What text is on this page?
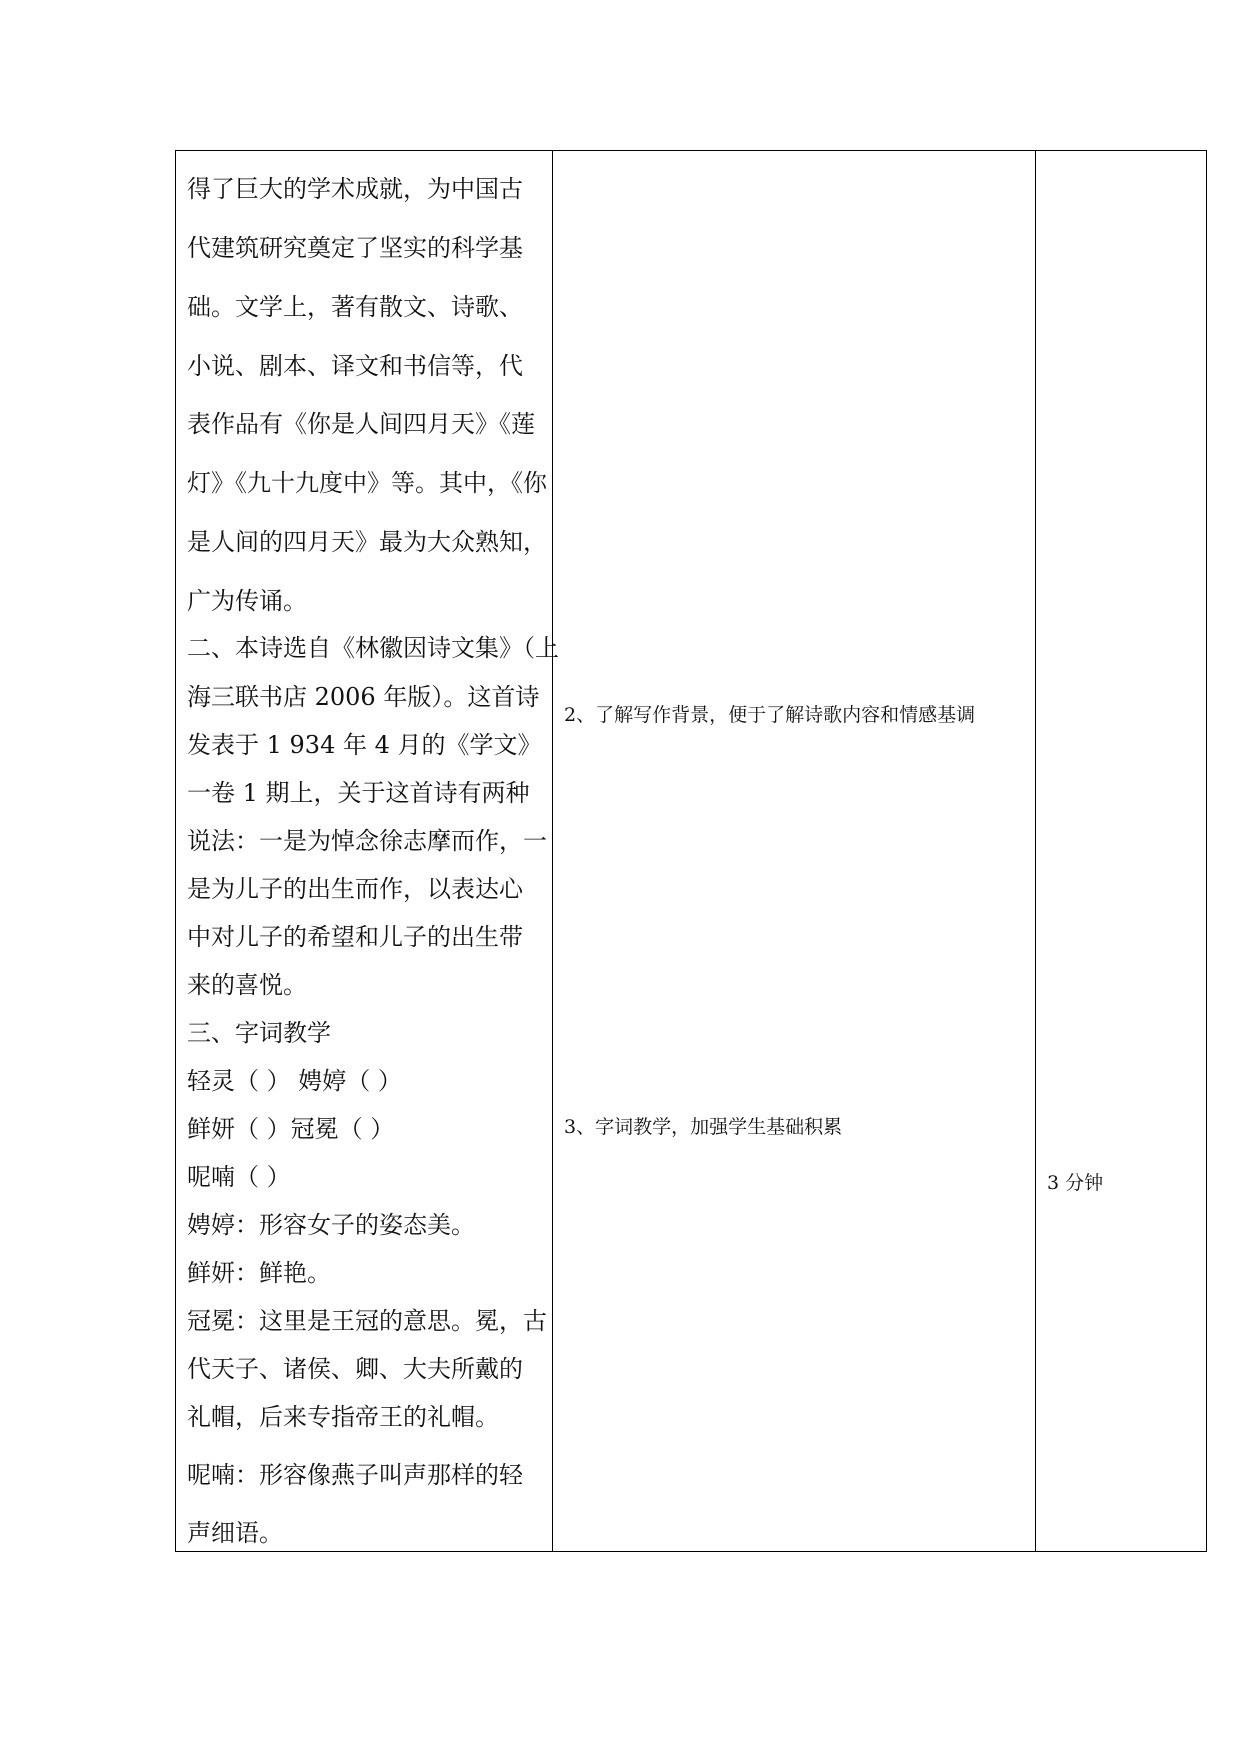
得了巨大的学术成就，为中国古
代建筑研究奠定了坚实的科学基
础。文学上，著有散文、诗歌、
小说、剧本、译文和书信等，代
表作品有《你是人间四月天》《莲
灯》《九十九度中》等。其中，《你
是人间的四月天》最为大众熟知，
广为传诵。
二、本诗选自《林徽因诗文集》（上
海三联书店 2006 年版）。这首诗
发表于 1 934 年 4 月的《学文》
一卷 1 期上，关于这首诗有两种
说法：一是为悼念徐志摩而作，一
是为儿子的出生而作，以表达心
中对儿子的希望和儿子的出生带
来的喜悦。
三、字词教学
轻灵（ ） 娉婷（ ）
鲜妍（ ）冠冕（ ）
呢喃（ ）
娉婷：形容女子的姿态美。
鲜妍：鲜艳。
冠冕：这里是王冠的意思。冕，古
代天子、诸侯、卿、大夫所戴的
礼帽，后来专指帝王的礼帽。
呢喃：形容像燕子叫声那样的轻
声细语。
2、了解写作背景，便于了解诗歌内容和情感基调
3、字词教学，加强学生基础积累
3 分钟
